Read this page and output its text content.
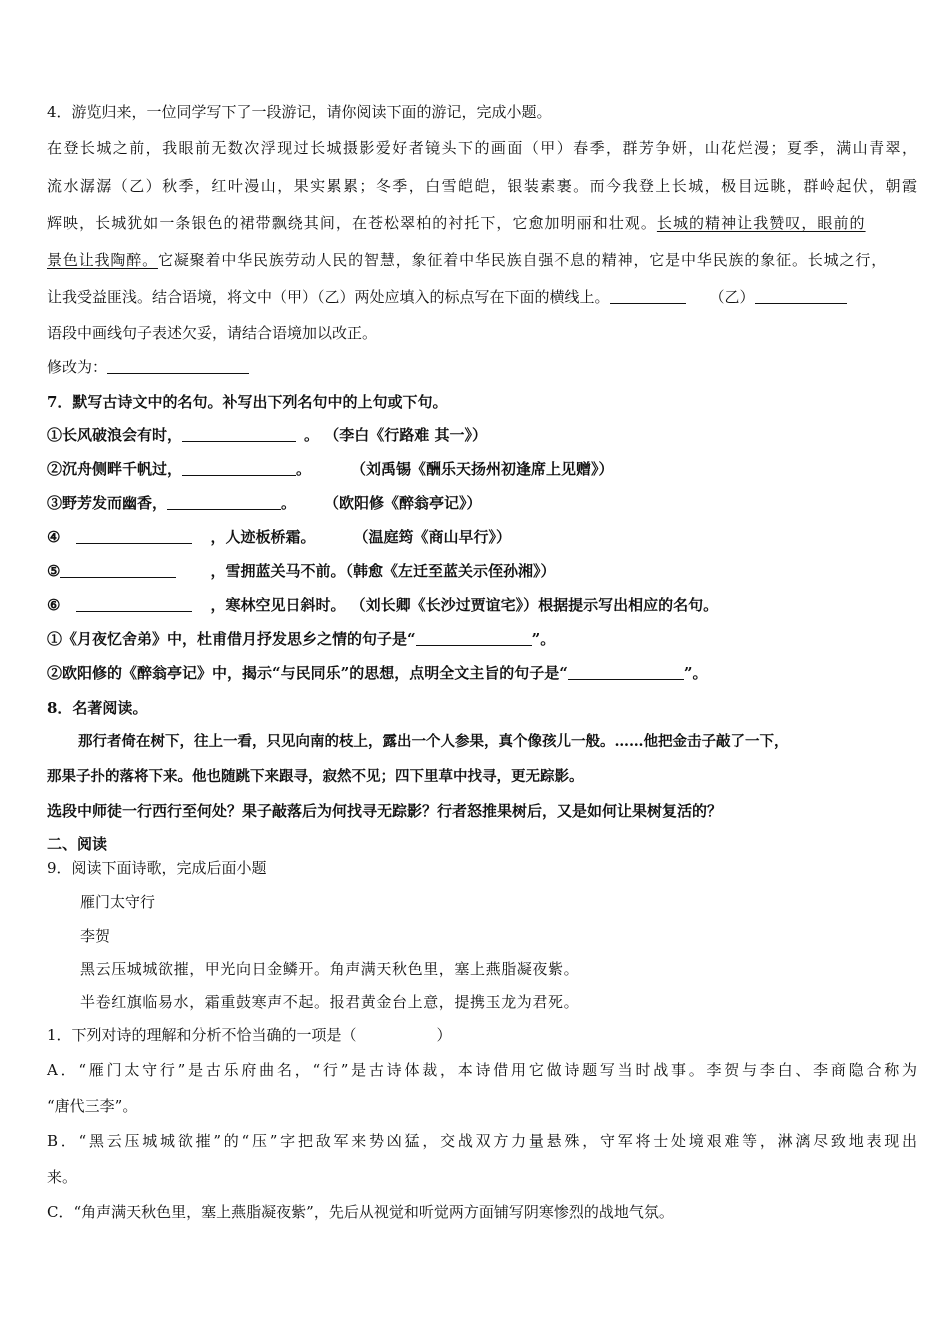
4．游览归来，一位同学写下了一段游记，请你阅读下面的游记，完成小题。
在登长城之前，我眼前无数次浮现过长城摄影爱好者镜头下的画面（甲）春季，群芳争妍，山花烂漫；夏季，满山青翠，
流水潺潺（乙）秋季，红叶漫山，果实累累；冬季，白雪皑皑，银装素裹。而今我登上长城，极目远眺，群岭起伏，朝霞
辉映，长城犹如一条银色的裙带飘绕其间，在苍松翠柏的衬托下，它愈加明丽和壮观。长城的精神让我赞叹，眼前的
景色让我陶醉。它凝聚着中华民族劳动人民的智慧，象征着中华民族自强不息的精神，它是中华民族的象征。长城之行，
让我受益匪浅。结合语境，将文中（甲）（乙）两处应填入的标点写在下面的横线上。	（乙）
语段中画线句子表述欠妥，请结合语境加以改正。
修改为：
7．默写古诗文中的名句。补写出下列名句中的上句或下句。
①长风破浪会有时，	。 （李白《行路难 其一》）
②沉舟侧畔千帆过，	。	（刘禹锡《酬乐天扬州初逢席上见赠》）
③野芳发而幽香，	。 （欧阳修《醉翁亭记》）
④	，人迹板桥霜。	（温庭筠《商山早行》）
⑤	，雪拥蓝关马不前。（韩愈《左迁至蓝关示侄孙湘》）
⑥	，寒林空见日斜时。 （刘长卿《长沙过贾谊宅》）根据提示写出相应的名句。
①《月夜忆舍弟》中，杜甫借月抒发思乡之情的句子是“	”。
②欧阳修的《醉翁亭记》中，揭示“与民同乐”的思想，点明全文主旨的句子是“	”。
8．名著阅读。
那行者倚在树下，往上一看，只见向南的枝上，露出一个人参果，真个像孩儿一般。……他把金击子敲了一下，
那果子扑的落将下来。他也随跳下来跟寻，寂然不见；四下里草中找寻，更无踪影。
选段中师徒一行西行至何处？果子敲落后为何找寻无踪影？行者怒推果树后，又是如何让果树复活的？
二、阅读
9．阅读下面诗歌，完成后面小题
雁门太守行
李贺
黑云压城城欲摧，甲光向日金鳞开。角声满天秋色里，塞上燕脂凝夜紫。
半卷红旗临易水，霜重鼓寒声不起。报君黄金台上意，提携玉龙为君死。
1．下列对诗的理解和分析不恰当确的一项是（	）
A．“雁门太守行”是古乐府曲名，“行”是古诗体裁，本诗借用它做诗题写当时战事。李贺与李白、李商隐合称为
“唐代三李”。
B．“黑云压城城欲摧”的“压”字把敌军来势凶猛，交战双方力量悬殊，守军将士处境艰难等，淋漓尽致地表现出
来。
C．“角声满天秋色里，塞上燕脂凝夜紫”，先后从视觉和听觉两方面铺写阴寒惨烈的战地气氛。
